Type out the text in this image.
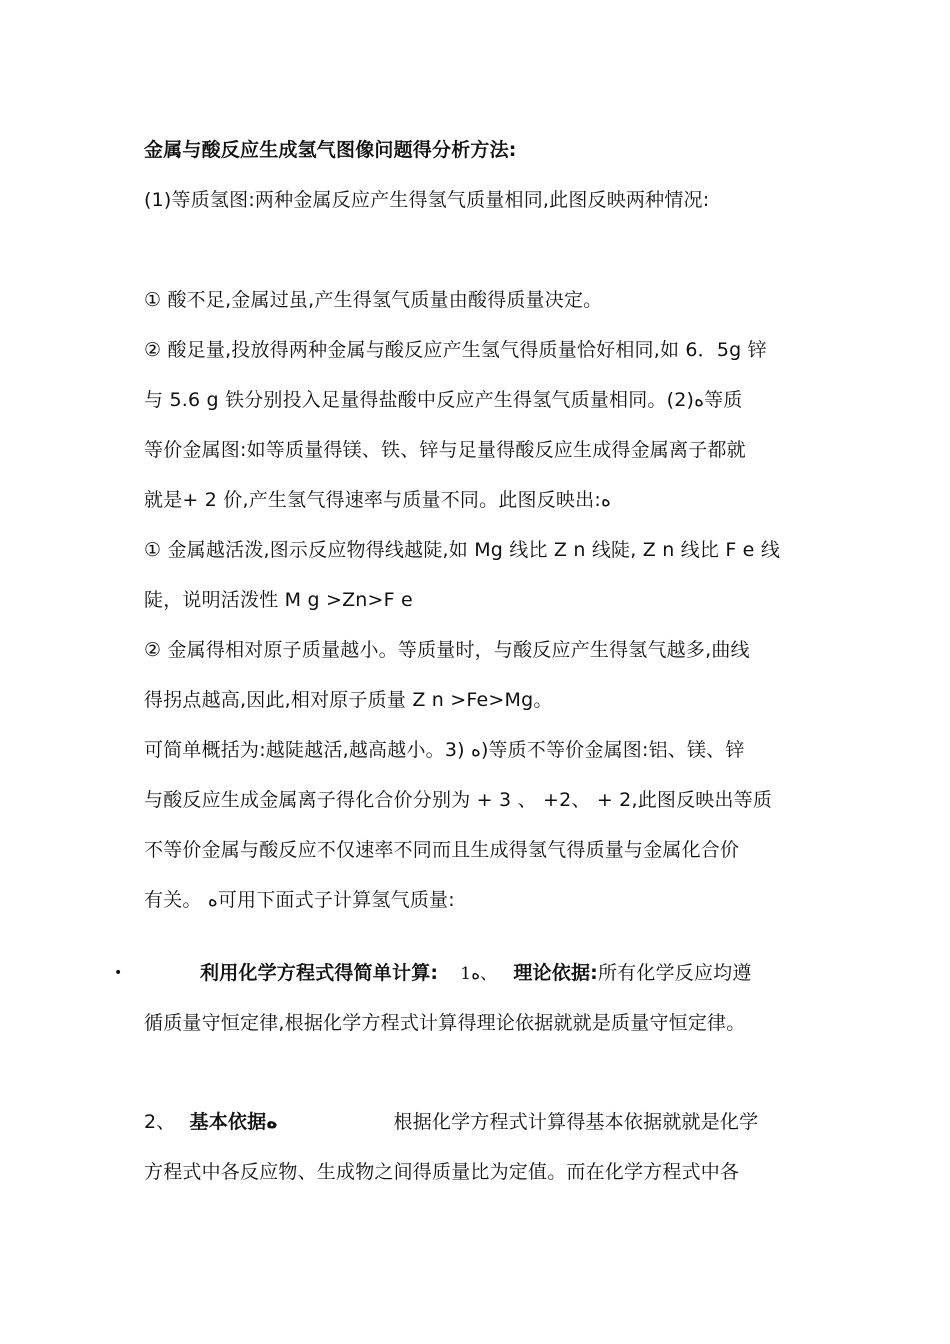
金属与酸反应生成氢气图像问题得分析方法:
(1)等质氢图:两种金属反应产生得氢气质量相同,此图反映两种情况:
① 酸不足,金属过虽,产生得氢气质量由酸得质量决定。
② 酸足量,投放得两种金属与酸反应产生氢气得质量恰好相同,如 6．5g 锌
与 5.6 g 铁分别投入足量得盐酸中反应产生得氢气质量相同。(2)ه等质
等价金属图:如等质量得镁、铁、锌与足量得酸反应生成得金属离子都就
就是+ 2 价,产生氢气得速率与质量不同。此图反映出:ه
① 金属越活泼,图示反应物得线越陡,如 Mg 线比 Z n 线陡, Z n 线比 F e 线
陡，说明活泼性 M g >Zn>F e
② 金属得相对原子质量越小。等质量时，与酸反应产生得氢气越多,曲线
得拐点越高,因此,相对原子质量 Z n >Fe>Mg。
可简单概括为:越陡越活,越高越小。3) ه)等质不等价金属图:铝、镁、锌
与酸反应生成金属离子得化合价分别为 + 3 、 +2、 + 2,此图反映出等质
不等价金属与酸反应不仅速率不同而且生成得氢气得质量与金属化合价
有关。 ه可用下面式子计算氢气质量:
•	利用化学方程式得简单计算: 1ه、 理论依据:所有化学反应均遵
循质量守恒定律,根据化学方程式计算得理论依据就就是质量守恒定律。
2、 基本依据ه	根据化学方程式计算得基本依据就就是化学
方程式中各反应物、生成物之间得质量比为定值。而在化学方程式中各
